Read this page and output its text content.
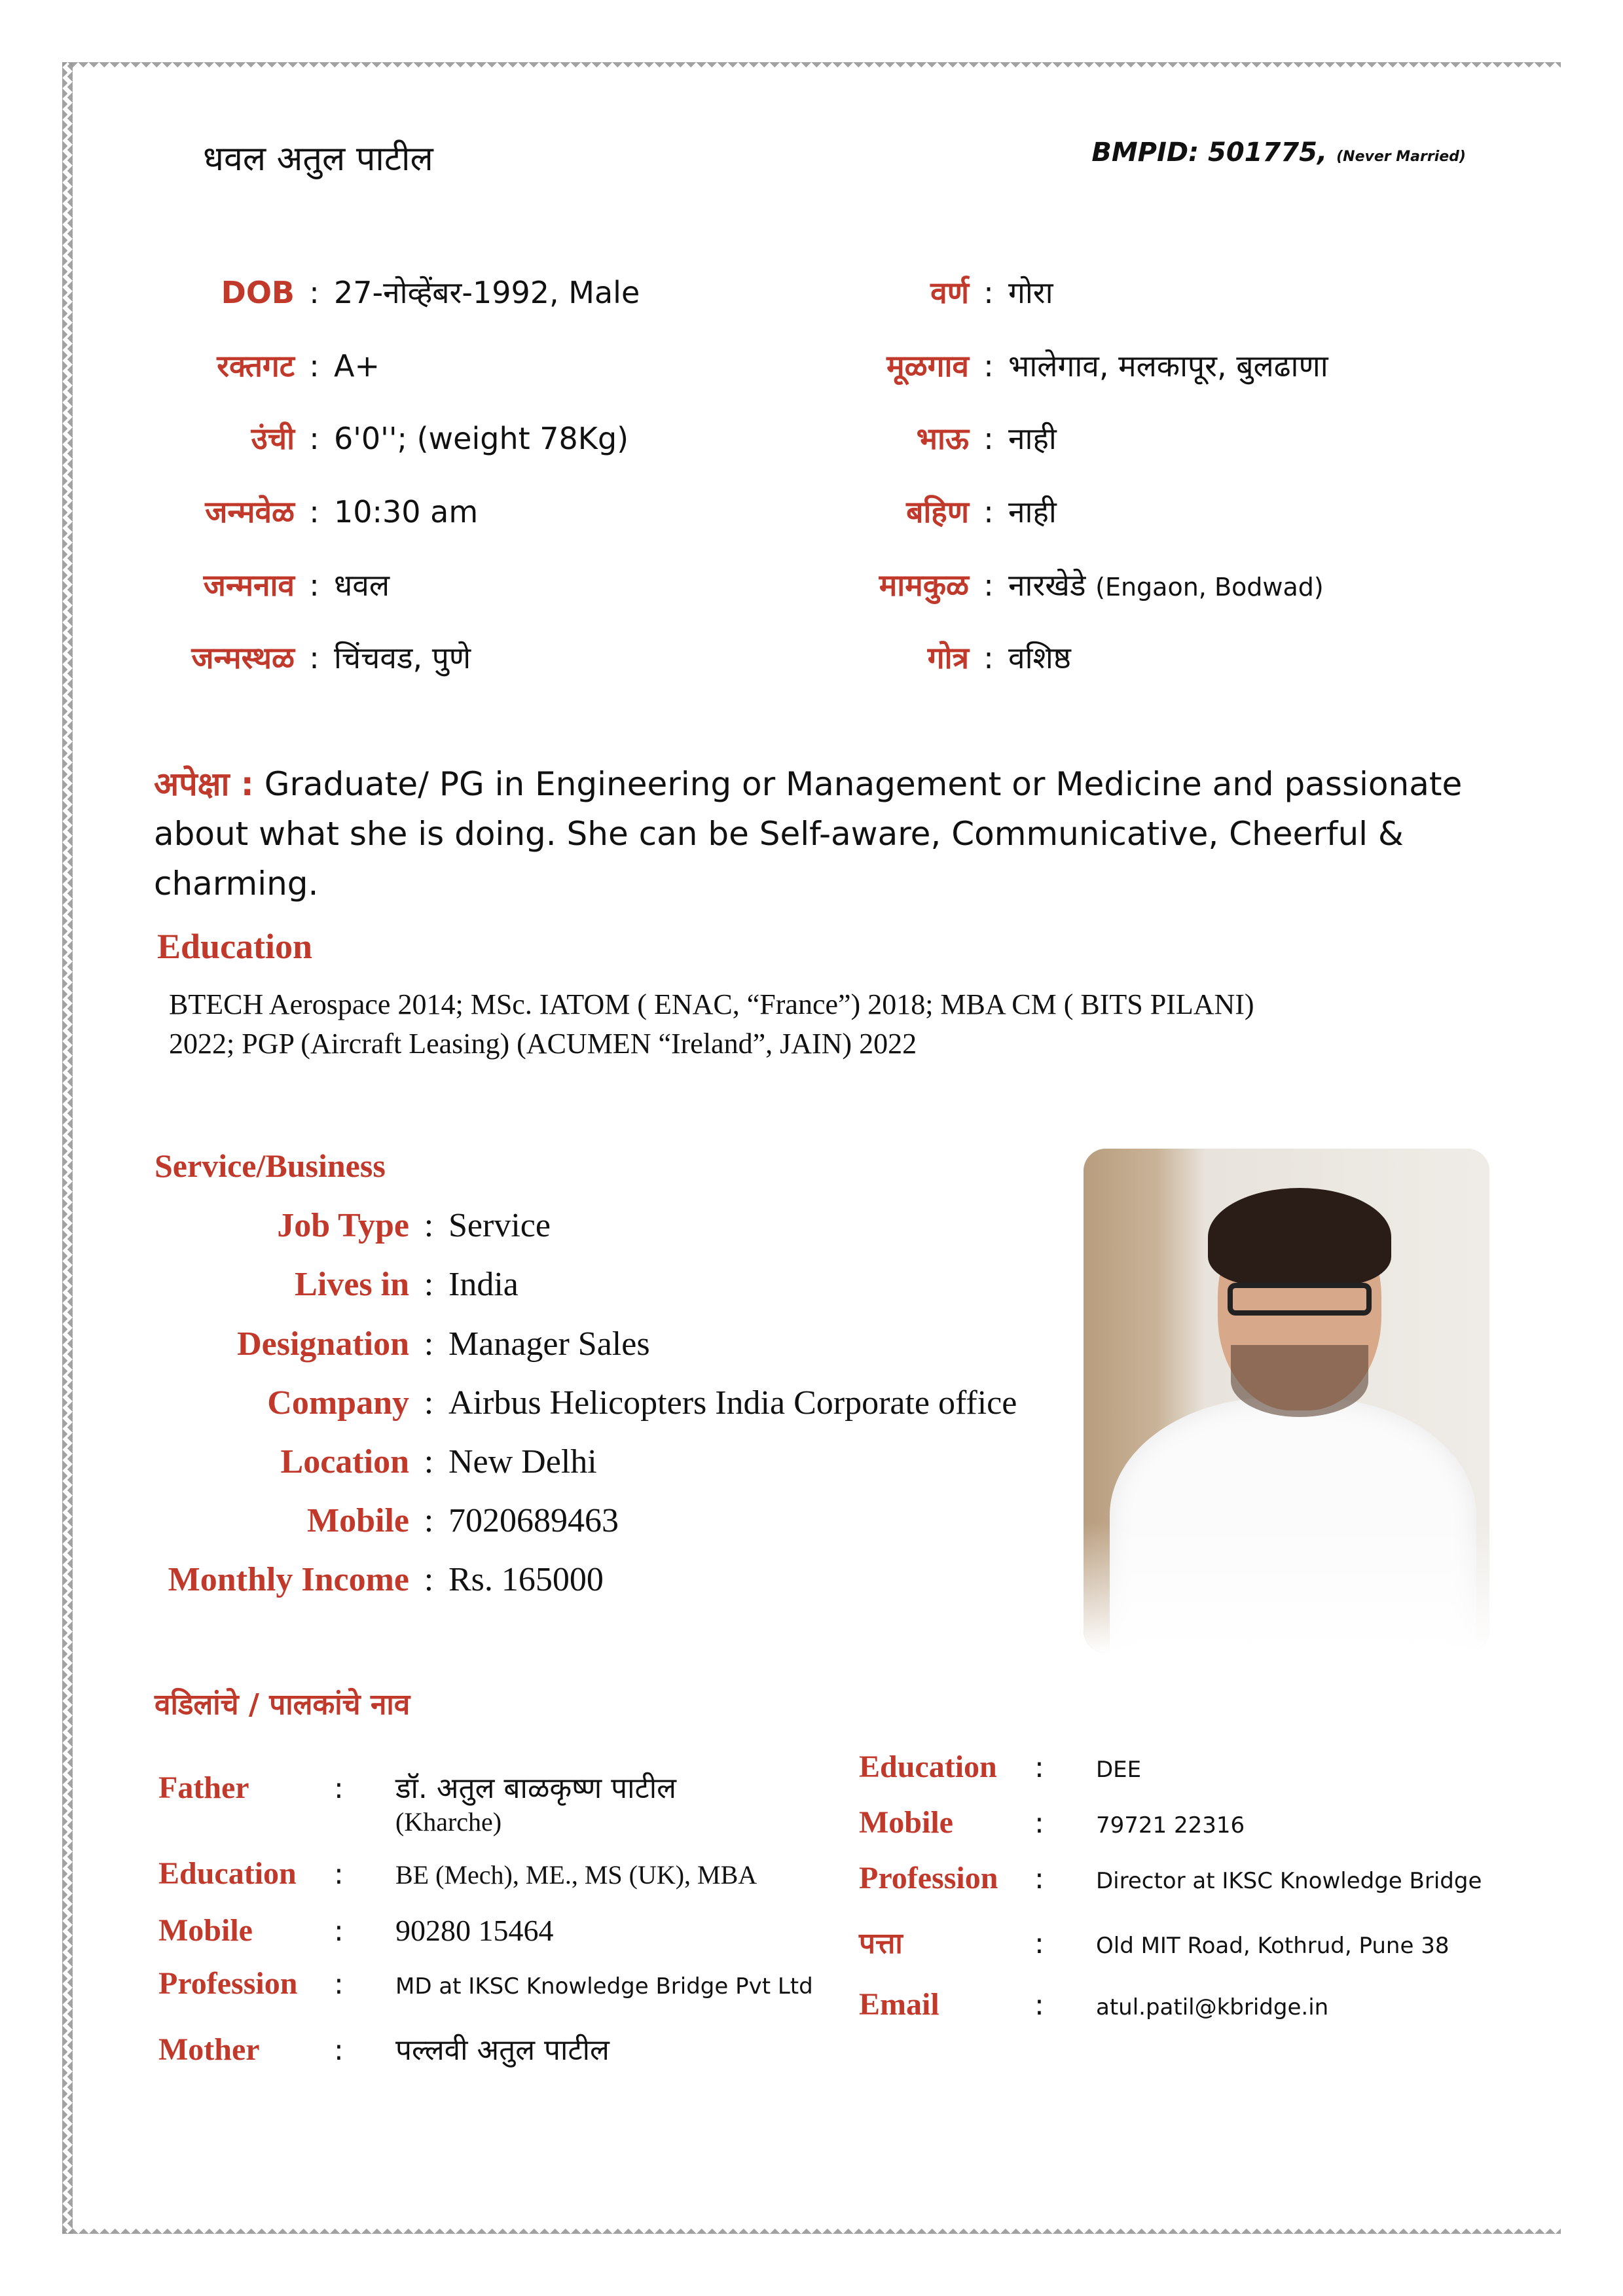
धवल अतुल पाटील	BMPID: 501775, (Never Married)
DOB : 27-नोव्हेंबर-1992, Male
रक्तगट : A+
उंची : 6'0''; (weight 78Kg)
जन्मवेळ : 10:30 am
जन्मनाव : धवल
जन्मस्थळ : चिंचवड, पुणे
वर्ण : गोरा
मूळगाव : भालेगाव, मलकापूर, बुलढाणा
भाऊ : नाही
बहिण : नाही
मामकुळ : नारखेडे
(Engaon, Bodwad)
गोत्र : वशिष्ठ
अपेक्षा : Graduate/ PG in Engineering or Management or Medicine and passionate about what she is doing. She can be Self-aware, Communicative, Cheerful & charming.
Education
BTECH Aerospace 2014; MSc. IATOM ( ENAC, “France”) 2018; MBA CM ( BITS PILANI)
2022; PGP (Aircraft Leasing) (ACUMEN “Ireland”, JAIN) 2022
Service/Business
Job Type : Service
Lives in : India
Designation : Manager Sales
Company : Airbus Helicopters India Corporate office
Location : New Delhi
Mobile : 7020689463
Monthly Income : Rs. 165000
वडिलांचे / पालकांचे नाव
Father	:	डॉ. अतुल बाळकृष्ण पाटील
(Kharche)
Education	:	BE (Mech), ME., MS (UK), MBA
Mobile	:	90280 15464
Profession	:	MD at IKSC Knowledge Bridge Pvt Ltd
Mother	:	पल्लवी अतुल पाटील
Education	:	DEE
Mobile	:	79721 22316
Profession	:	Director at IKSC Knowledge Bridge
पत्ता	:	Old MIT Road, Kothrud, Pune 38
Email	:	atul.patil@kbridge.in
